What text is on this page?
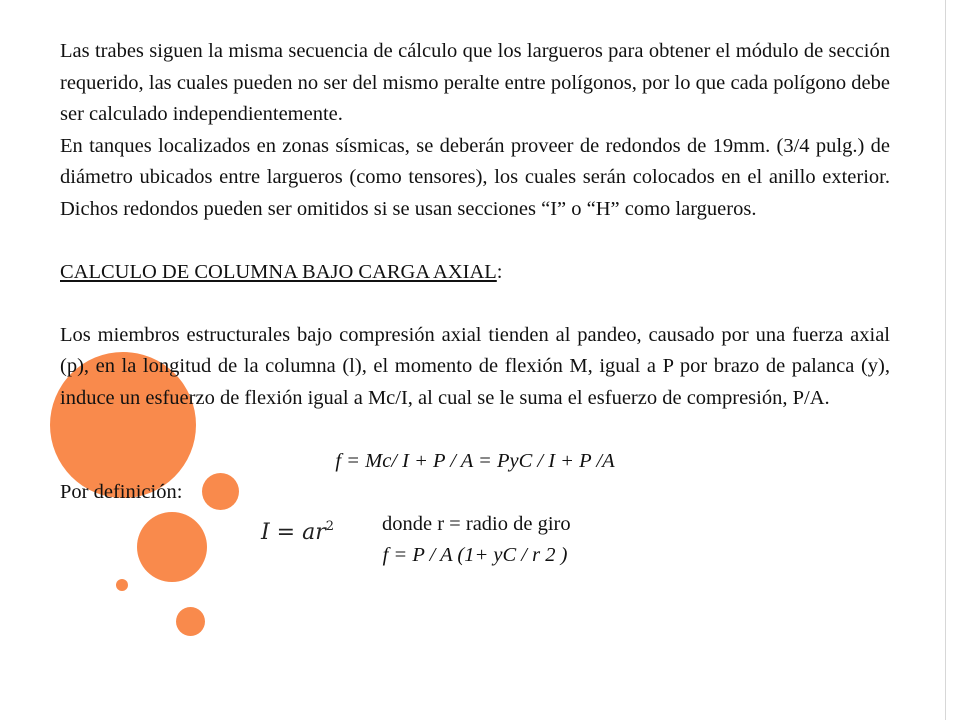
Las trabes siguen la misma secuencia de cálculo que los largueros para obtener el módulo de sección requerido, las cuales pueden no ser del mismo peralte entre polígonos, por lo que cada polígono debe ser calculado independientemente.

En tanques localizados en zonas sísmicas, se deberán proveer de redondos de 19mm. (3/4 pulg.) de diámetro ubicados entre largueros (como tensores), los cuales serán colocados en el anillo exterior. Dichos redondos pueden ser omitidos si se usan secciones “I” o “H” como largueros.

CALCULO DE COLUMNA BAJO CARGA AXIAL:

Los miembros estructurales bajo compresión axial tienden al pandeo, causado por una fuerza axial (p), en la longitud de la columna (l), el momento de flexión M, igual a P por brazo de palanca (y), induce un esfuerzo de flexión igual a Mc/I, al cual se le suma el esfuerzo de compresión, P/A.

f = Mc/ I + P / A = PyC / I + P /A

Por definición:

$I = ar^2$	donde r = radio de giro

f = P / A (1+ yC / r 2 )
